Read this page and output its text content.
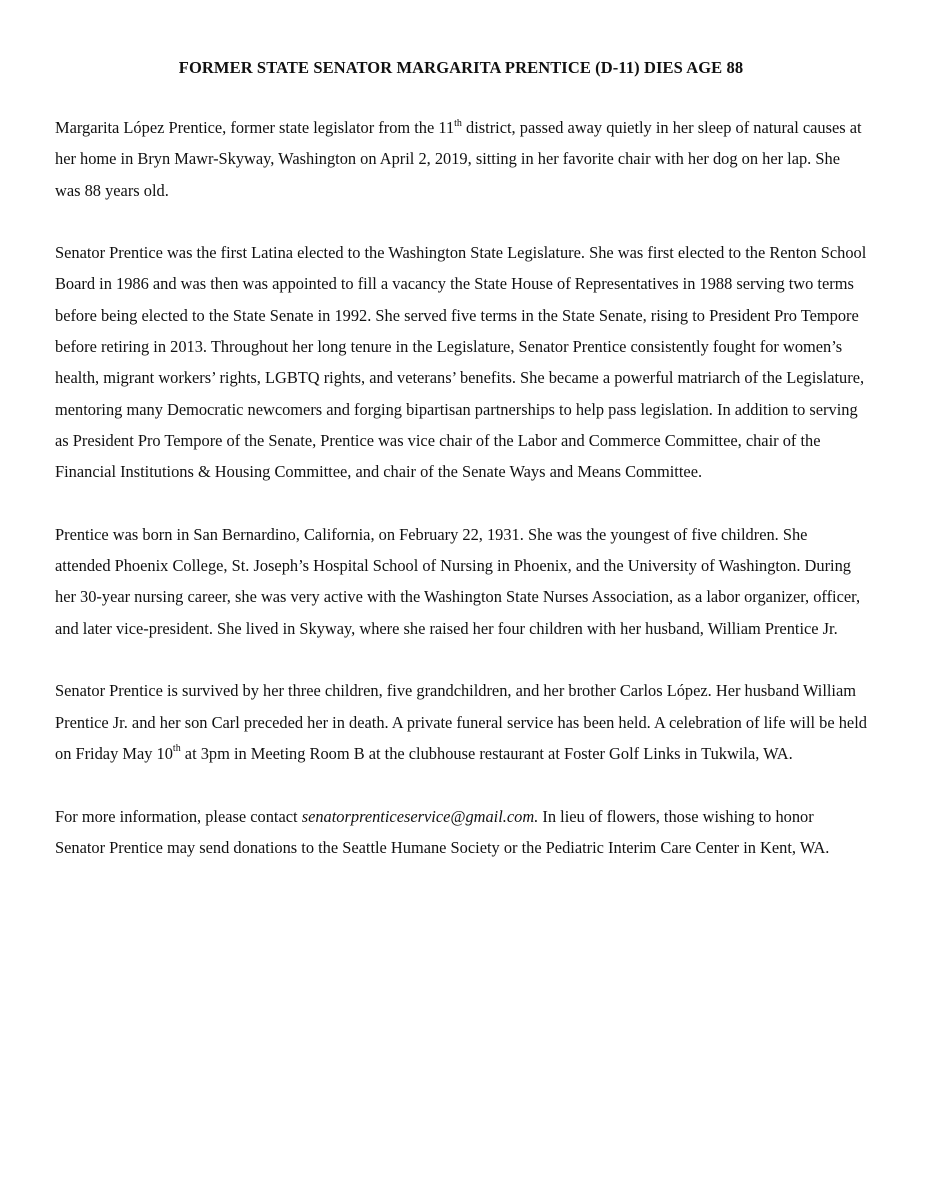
FORMER STATE SENATOR MARGARITA PRENTICE (D-11) DIES AGE 88

Margarita López Prentice, former state legislator from the 11th district, passed away quietly in her sleep of natural causes at her home in Bryn Mawr-Skyway, Washington on April 2, 2019, sitting in her favorite chair with her dog on her lap. She was 88 years old.

Senator Prentice was the first Latina elected to the Washington State Legislature. She was first elected to the Renton School Board in 1986 and was then was appointed to fill a vacancy the State House of Representatives in 1988 serving two terms before being elected to the State Senate in 1992. She served five terms in the State Senate, rising to President Pro Tempore before retiring in 2013. Throughout her long tenure in the Legislature, Senator Prentice consistently fought for women’s health, migrant workers’ rights, LGBTQ rights, and veterans’ benefits. She became a powerful matriarch of the Legislature, mentoring many Democratic newcomers and forging bipartisan partnerships to help pass legislation. In addition to serving as President Pro Tempore of the Senate, Prentice was vice chair of the Labor and Commerce Committee, chair of the Financial Institutions & Housing Committee, and chair of the Senate Ways and Means Committee.

Prentice was born in San Bernardino, California, on February 22, 1931. She was the youngest of five children. She attended Phoenix College, St. Joseph’s Hospital School of Nursing in Phoenix, and the University of Washington. During her 30-year nursing career, she was very active with the Washington State Nurses Association, as a labor organizer, officer, and later vice-president. She lived in Skyway, where she raised her four children with her husband, William Prentice Jr.

Senator Prentice is survived by her three children, five grandchildren, and her brother Carlos López. Her husband William Prentice Jr. and her son Carl preceded her in death. A private funeral service has been held. A celebration of life will be held on Friday May 10th at 3pm in Meeting Room B at the clubhouse restaurant at Foster Golf Links in Tukwila, WA.

For more information, please contact senatorprenticeservice@gmail.com. In lieu of flowers, those wishing to honor Senator Prentice may send donations to the Seattle Humane Society or the Pediatric Interim Care Center in Kent, WA.
